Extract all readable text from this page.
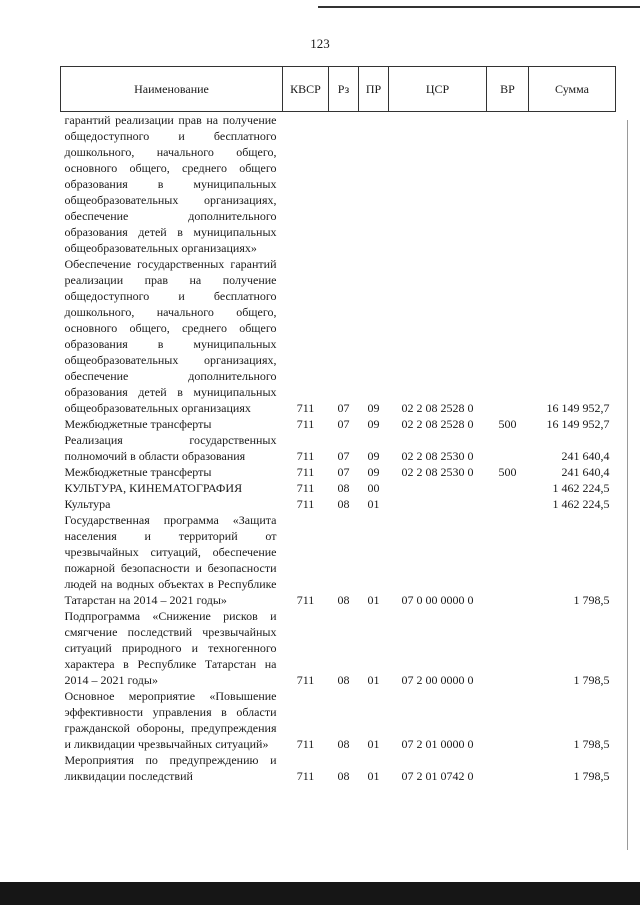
123
Наименование	КВСР	Рз	ПР	ЦСР	ВР	Сумма
гарантий реализации прав на получение общедоступного и бесплатного дошкольного, начального общего, основного общего, среднего общего образования в муниципальных общеобразовательных организациях, обеспечение дополнительного образования детей в муниципальных общеобразовательных организациях»						
Обеспечение государственных гарантий реализации прав на получение общедоступного и бесплатного дошкольного, начального общего, основного общего, среднего общего образования в муниципальных общеобразовательных организациях, обеспечение дополнительного образования детей в муниципальных общеобразовательных организациях	711	07	09	02 2 08 2528 0		16 149 952,7
Межбюджетные трансферты	711	07	09	02 2 08 2528 0	500	16 149 952,7
Реализация государственных полномочий в области образования	711	07	09	02 2 08 2530 0		241 640,4
Межбюджетные трансферты	711	07	09	02 2 08 2530 0	500	241 640,4
КУЛЬТУРА, КИНЕМАТОГРАФИЯ	711	08	00			1 462 224,5
Культура	711	08	01			1 462 224,5
Государственная программа «Защита населения и территорий от чрезвычайных ситуаций, обеспечение пожарной безопасности и безопасности людей на водных объектах в Республике Татарстан на 2014 – 2021 годы»	711	08	01	07 0 00 0000 0		1 798,5
Подпрограмма «Снижение рисков и смягчение последствий чрезвычайных ситуаций природного и техногенного характера в Республике Татарстан на 2014 – 2021 годы»	711	08	01	07 2 00 0000 0		1 798,5
Основное мероприятие «Повышение эффективности управления в области гражданской обороны, предупреждения и ликвидации чрезвычайных ситуаций»	711	08	01	07 2 01 0000 0		1 798,5
Мероприятия по предупреждению и ликвидации последствий	711	08	01	07 2 01 0742 0		1 798,5
